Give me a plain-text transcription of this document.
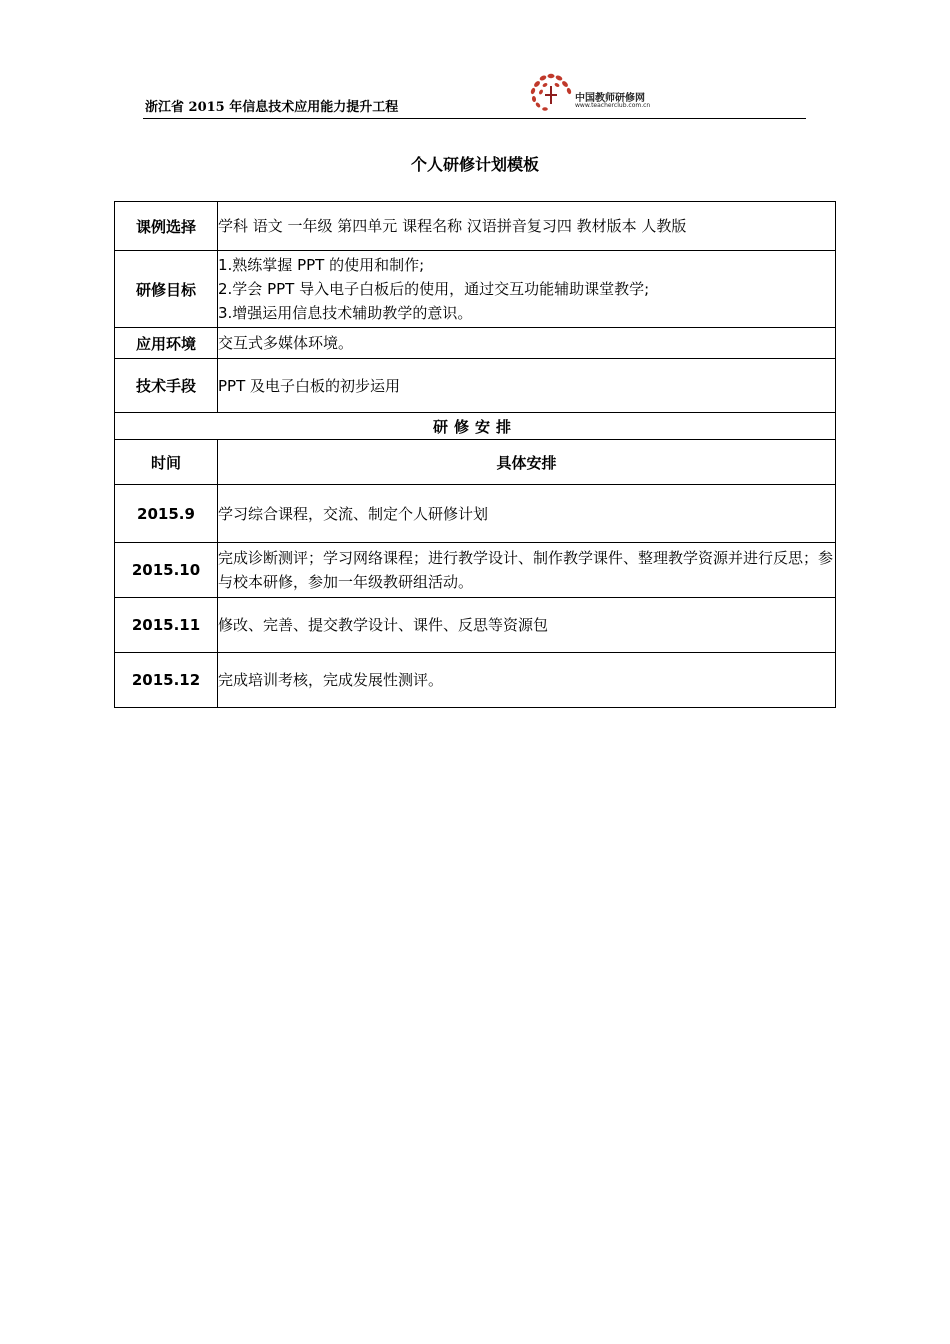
浙江省 2015 年信息技术应用能力提升工程
中国教师研修网
www.teacherclub.com.cn
个人研修计划模板
课例选择	学科 语文 一年级 第四单元 课程名称 汉语拼音复习四 教材版本 人教版
研修目标	1.熟练掌握 PPT 的使用和制作;
2.学会 PPT 导入电子白板后的使用，通过交互功能辅助课堂教学;
3.增强运用信息技术辅助教学的意识。

应用环境	交互式多媒体环境。
技术手段	PPT 及电子白板的初步运用
研修安排	
时间	具体安排
2015.9	学习综合课程，交流、制定个人研修计划
2015.10	完成诊断测评；学习网络课程；进行教学设计、制作教学课件、整理教学资源并进行反思；参与校本研修，参加一年级教研组活动。
2015.11	修改、完善、提交教学设计、课件、反思等资源包
2015.12	完成培训考核，完成发展性测评。
